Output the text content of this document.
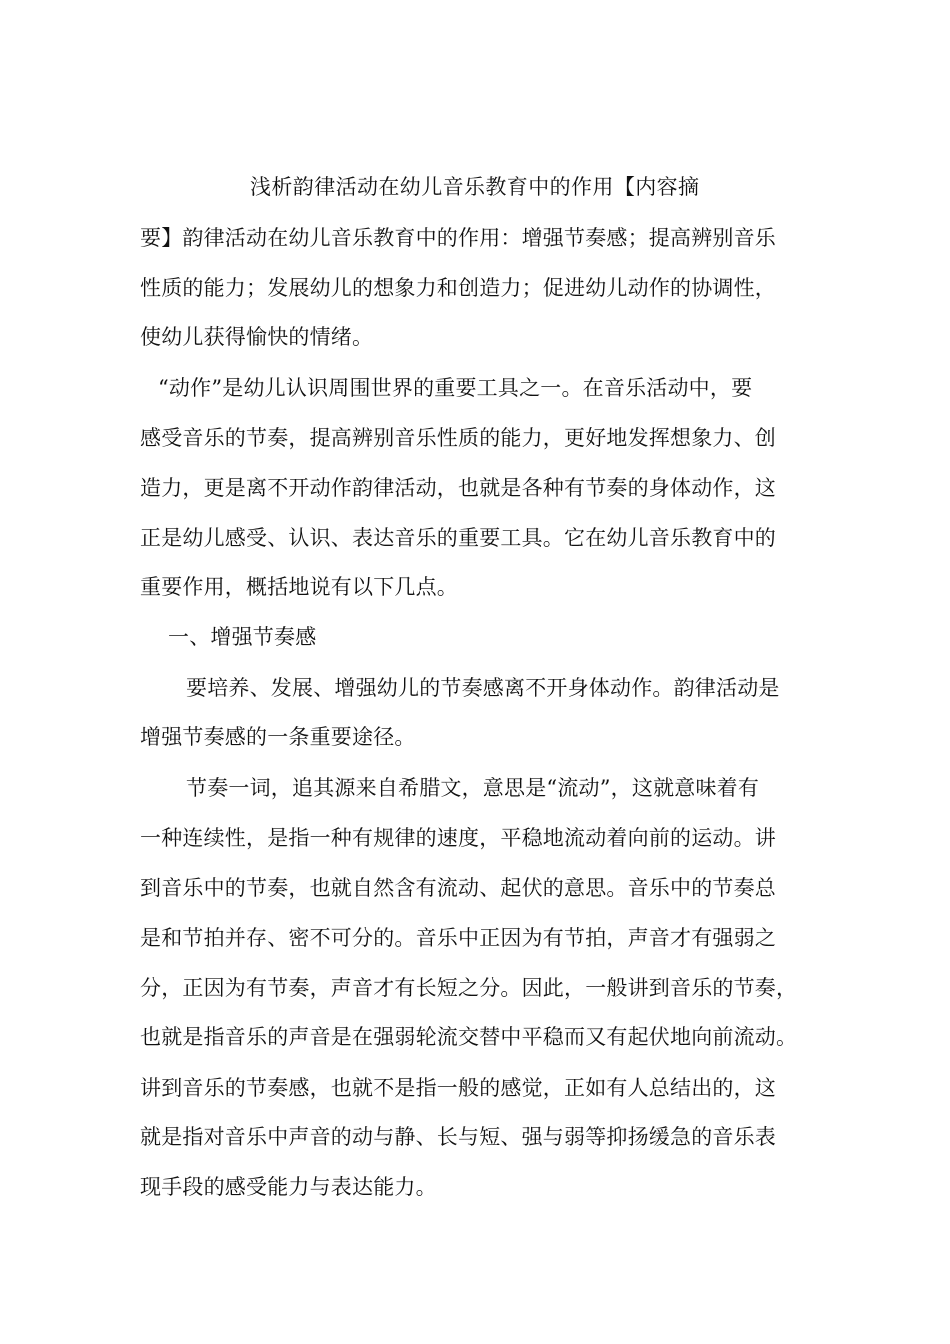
浅析韵律活动在幼儿音乐教育中的作用【内容摘
要】韵律活动在幼儿音乐教育中的作用：增强节奏感；提高辨别音乐
性质的能力；发展幼儿的想象力和创造力；促进幼儿动作的协调性，
使幼儿获得愉快的情绪。
“动作”是幼儿认识周围世界的重要工具之一。在音乐活动中，要
感受音乐的节奏，提高辨别音乐性质的能力，更好地发挥想象力、创
造力，更是离不开动作韵律活动，也就是各种有节奏的身体动作，这
正是幼儿感受、认识、表达音乐的重要工具。它在幼儿音乐教育中的
重要作用，概括地说有以下几点。
一、增强节奏感
要培养、发展、增强幼儿的节奏感离不开身体动作。韵律活动是
增强节奏感的一条重要途径。
节奏一词，追其源来自希腊文，意思是“流动”，这就意味着有
一种连续性，是指一种有规律的速度，平稳地流动着向前的运动。讲
到音乐中的节奏，也就自然含有流动、起伏的意思。音乐中的节奏总
是和节拍并存、密不可分的。音乐中正因为有节拍，声音才有强弱之
分，正因为有节奏，声音才有长短之分。因此，一般讲到音乐的节奏，
也就是指音乐的声音是在强弱轮流交替中平稳而又有起伏地向前流动。
讲到音乐的节奏感，也就不是指一般的感觉，正如有人总结出的，这
就是指对音乐中声音的动与静、长与短、强与弱等抑扬缓急的音乐表
现手段的感受能力与表达能力。
